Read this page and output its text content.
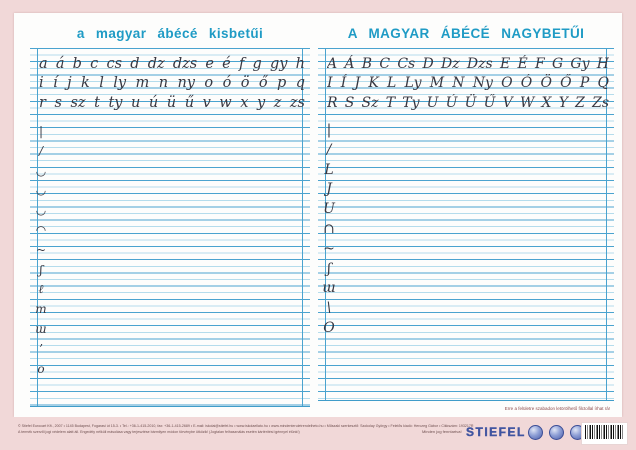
a magyar ábécé kisbetűi	A MAGYAR ÁBÉCÉ NAGYBETŰI
a á b c cs d dz dzs e é f g gy h
i í j k l ly m n ny o ó ö ő p q
r s sz t ty u ú ü ű v w x y z zs
|
/
◡
◡
◡
◠
~
ʃ
ℓ
m
ɯ
’
o
A Á B C Cs D Dz Dzs E É F G Gy H
I Í J K L Ly M N Ny O Ó Ö Ő P Q
R S Sz T Ty U Ú Ü Ű V W X Y Z Zs
|
/
L
J
U
∩
~
ʃ
ɯ
\
O
Erre a felületre szabadon letörölhető filctollal írhat rá!
© Stiefel Eurocart Kft., 2007 • 1145 Budapest, Fogarasi út 15-3. • Tel.: +36-1-415-2010, fax: +36-1-415-2689 • E-mail: iskolai@stiefel.hu • www.iskolaellato.hu • www.mindenteruletrendelheto.hu • Műszaki szerkesztő: Szokolay György • Felelős kiadó: Herczeg Gábor • Cikkszám: 193217R
A termék szerzői jogi védelem alatt áll. Engedély nélküli másolása vagy terjesztése bármilyen módon törvénybe ütközik! (Jogtalan felhasználás esetén kártérítési igénnyel élünk!)	Minden jog fenntartva! STIEFEL
